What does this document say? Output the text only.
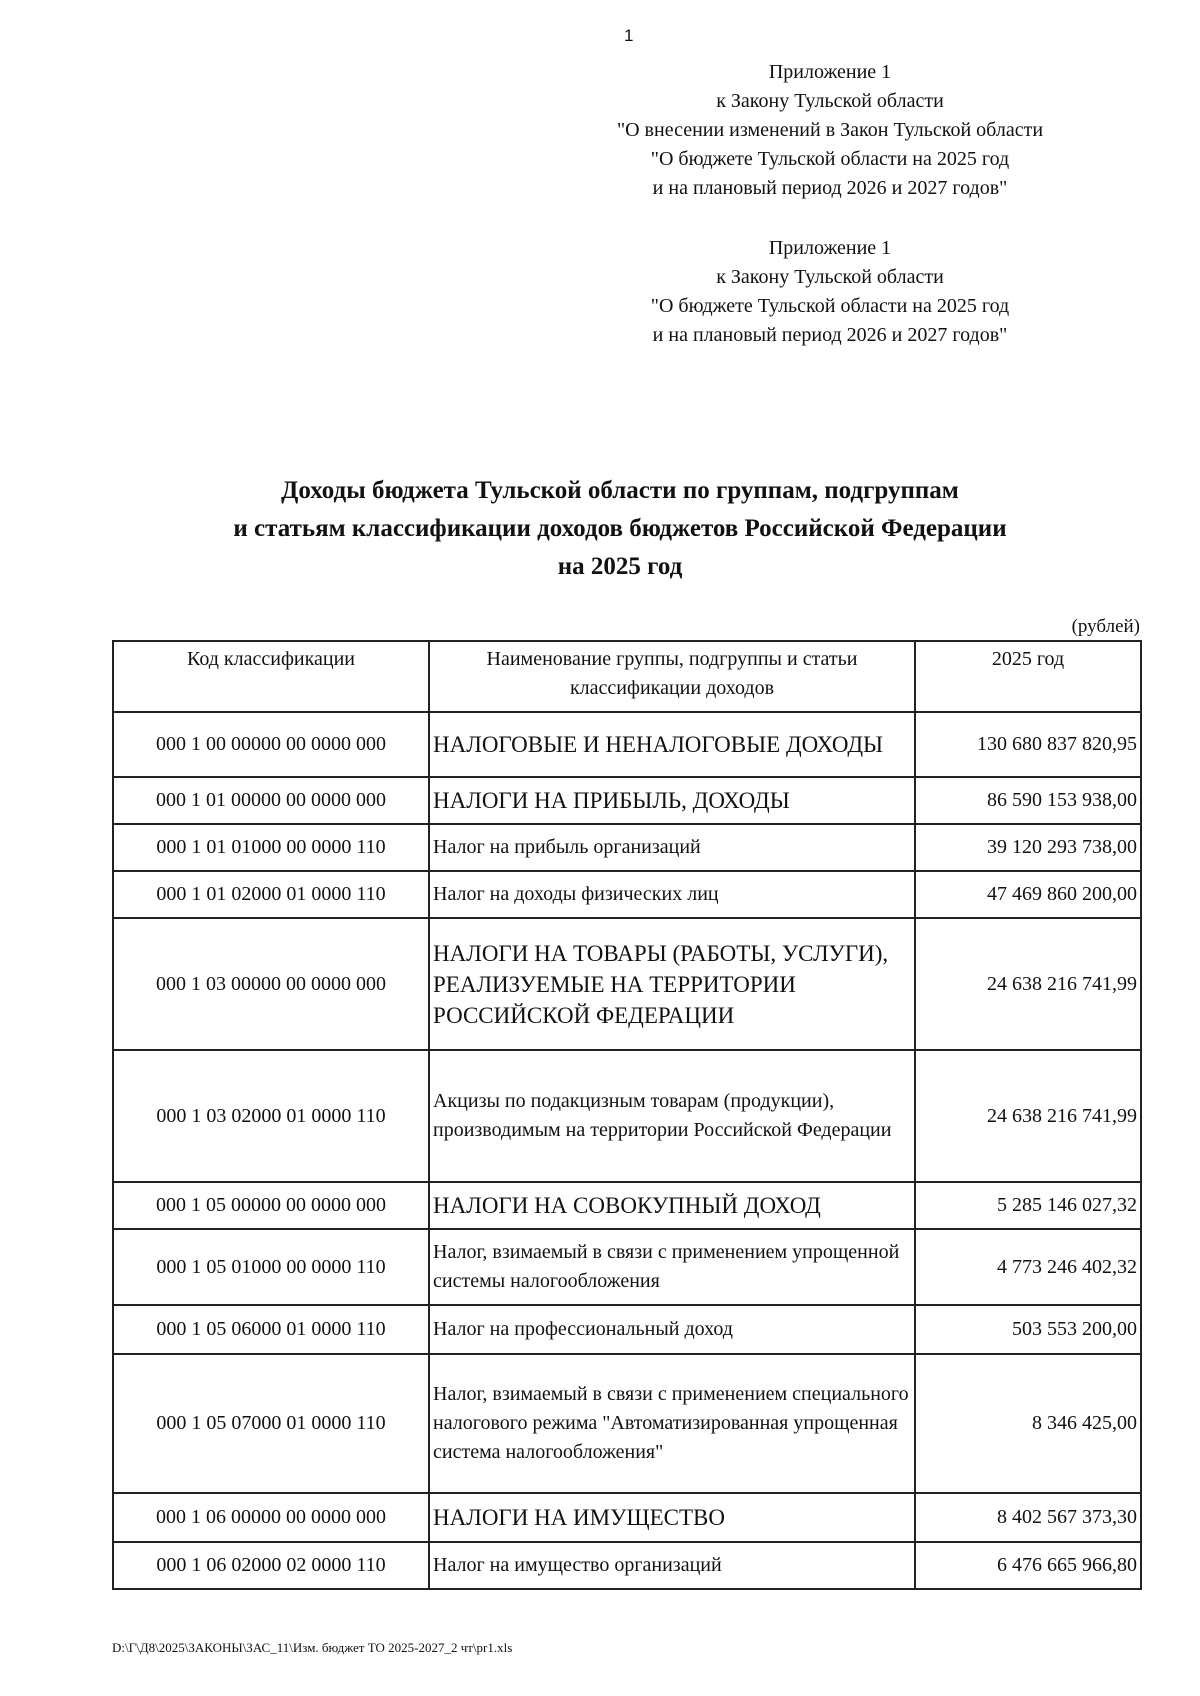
1
Приложение 1
к Закону Тульской области
"О внесении изменений в Закон Тульской области
"О бюджете Тульской области на 2025 год
и на плановый период 2026 и 2027 годов"
Приложение 1
к Закону Тульской области
"О бюджете Тульской области на 2025 год
и на плановый период 2026 и 2027 годов"
Доходы бюджета Тульской области по группам, подгруппам
и статьям классификации доходов бюджетов Российской Федерации
на 2025 год
(рублей)
Код классификации	Наименование группы, подгруппы и статьи классификации доходов	2025 год
000 1 00 00000 00 0000 000	НАЛОГОВЫЕ И НЕНАЛОГОВЫЕ ДОХОДЫ	130 680 837 820,95
000 1 01 00000 00 0000 000	НАЛОГИ НА ПРИБЫЛЬ, ДОХОДЫ	86 590 153 938,00
000 1 01 01000 00 0000 110	Налог на прибыль организаций	39 120 293 738,00
000 1 01 02000 01 0000 110	Налог на доходы физических лиц	47 469 860 200,00
000 1 03 00000 00 0000 000	НАЛОГИ НА ТОВАРЫ (РАБОТЫ, УСЛУГИ), РЕАЛИЗУЕМЫЕ НА ТЕРРИТОРИИ РОССИЙСКОЙ ФЕДЕРАЦИИ	24 638 216 741,99
000 1 03 02000 01 0000 110	Акцизы по подакцизным товарам (продукции), производимым на территории Российской Федерации	24 638 216 741,99
000 1 05 00000 00 0000 000	НАЛОГИ НА СОВОКУПНЫЙ ДОХОД	5 285 146 027,32
000 1 05 01000 00 0000 110	Налог, взимаемый в связи с применением упрощенной системы налогообложения	4 773 246 402,32
000 1 05 06000 01 0000 110	Налог на профессиональный доход	503 553 200,00
000 1 05 07000 01 0000 110	Налог, взимаемый в связи с применением специального налогового режима "Автоматизированная упрощенная система налогообложения"	8 346 425,00
000 1 06 00000 00 0000 000	НАЛОГИ НА ИМУЩЕСТВО	8 402 567 373,30
000 1 06 02000 02 0000 110	Налог на имущество организаций	6 476 665 966,80
D:\Г\Д8\2025\ЗАКОНЫ\ЗАС_11\Изм. бюджет ТО 2025-2027_2 чт\pr1.xls
